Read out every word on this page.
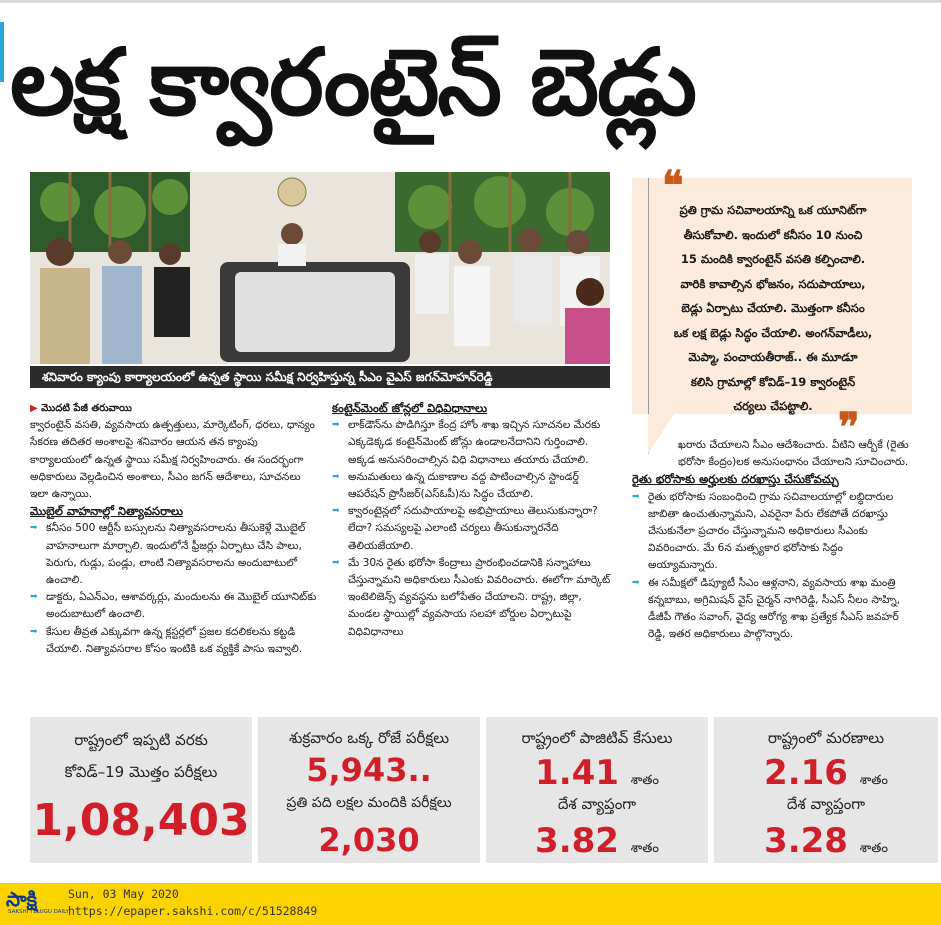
లక్ష క్వారంటైన్ బెడ్లు
శనివారం క్యాంపు కార్యాలయంలో ఉన్నత స్థాయి సమీక్ష నిర్వహిస్తున్న సీఎం వైఎస్ జగన్‌మోహన్‌రెడ్డి
❝
❞
ప్రతి గ్రామ సచివాలయాన్ని ఒక యూనిట్‌గా
తీసుకోవాలి. ఇందులో కనీసం 10 నుంచి
15 మందికి క్వారంటైన్ వసతి కల్పించాలి.
వారికి కావాల్సిన భోజనం, సదుపాయాలు,
బెడ్లు ఏర్పాటు చేయాలి. మొత్తంగా కనీసం
ఒక లక్ష బెడ్లు సిద్ధం చేయాలి. అంగన్‌వాడీలు,
మెప్మా, పంచాయతీరాజ్.. ఈ మూడూ
కలిసి గ్రామాల్లో కోవిడ్–19 క్వారంటైన్
చర్యలు చేపట్టాలి.

▶ మొదటి పేజీ తరువాయి

క్వారంటైన్ వసతి, వ్యవసాయ ఉత్పత్తులు, మార్కెటింగ్, ధరలు, ధాన్యం సేకరణ తదితర అంశాలపై శనివారం ఆయన తన క్యాంపు కార్యాలయంలో ఉన్నత స్థాయి సమీక్ష నిర్వహించారు. ఈ సందర్భంగా అధికారులు వెల్లడించిన అంశాలు, సీఎం జగన్ ఆదేశాలు, సూచనలు ఇలా ఉన్నాయి.

మొబైల్ వాహనాల్లో నిత్యావసరాలు

➡ కనీసం 500 ఆర్టీసీ బస్సులను నిత్యావసరాలను తీసుకెళ్లే మొబైల్ వాహనాలుగా మార్చాలి. ఇందులోనే ఫ్రీజర్లు ఏర్పాటు చేసి పాలు, పెరుగు, గుడ్లు, పండ్లు, లాంటి నిత్యావసరాలను అందుబాటులో ఉంచాలి.

➡ డాక్టరు, ఏఎన్‌ఎం, ఆశావర్కర్లు, మందులను ఈ మొబైల్ యూనిట్‌కు అందుబాటులో ఉంచాలి.

➡ కేసుల తీవ్రత ఎక్కువగా ఉన్న క్లస్టర్లలో ప్రజల కదలికలను కట్టడి చేయాలి. నిత్యావసరాల కోసం ఇంటికి ఒక వ్యక్తికే పాసు ఇవ్వాలి.

కంటైన్‌మెంట్ జోన్లలో విధివిధానాలు

➡ లాక్‌డౌన్‌ను పొడిగిస్తూ కేంద్ర హోం శాఖ ఇచ్చిన సూచనల మేరకు ఎక్కడెక్కడ కంటైన్‌మెంట్ జోన్లు ఉండాలనేదానిని గుర్తించాలి. అక్కడ అనుసరించాల్సిన విధి విధానాలు తయారు చేయాలి.

➡ అనుమతులు ఉన్న దుకాణాల వద్ద పాటించాల్సిన స్టాండర్డ్ ఆపరేషన్ ప్రొసీజర్(ఎస్‌ఓపీ)ను సిద్ధం చేయాలి.

➡ క్వారంటైన్లలో సదుపాయాలపై అభిప్రాయాలు తెలుసుకున్నారా? లేదా? సమస్యలపై ఎలాంటి చర్యలు తీసుకున్నారనేది తెలియజేయాలి.

➡ మే 30న రైతు భరోసా కేంద్రాలు ప్రారంభించడానికి సన్నాహాలు చేస్తున్నామని అధికారులు సీఎంకు వివరించారు. ఈలోగా మార్కెట్ ఇంటెలిజెన్స్ వ్యవస్థను బలోపేతం చేయాలని. రాష్ట్ర, జిల్లా, మండల స్థాయిల్లో వ్యవసాయ సలహా బోర్డుల ఏర్పాటుపై విధివిధానాలు

ఖరారు చేయాలని సీఎం ఆదేశించారు. వీటిని ఆర్బీకే (రైతు భరోసా కేంద్రం)లక అనుసంధానం చేయాలని సూచించారు.

రైతు భరోసాకు అర్హులకు దరఖాస్తు చేసుకోవచ్చు

➡ రైతు భరోసాకు సంబంధించి గ్రామ సచివాలయాల్లో లబ్ధిదారుల జాబితా ఉంచుతున్నామని, ఎవరైనా పేరు లేకపోతే దరఖాస్తు చేసుకునేలా ప్రచారం చేస్తున్నామని అధికారులు సీఎంకు వివరించారు. మే 6న మత్స్యకార భరోసాకు సిద్ధం అయ్యామన్నారు.

➡ ఈ సమీక్షలో డిప్యూటీ సీఎం ఆళ్లనాని, వ్యవసాయ శాఖ మంత్రి కన్నబాబు, అగ్రిమిషన్ వైస్ చైర్మన్ నాగిరెడ్డి, సీఎస్ నీలం సాహ్ని, డీజీపీ గౌతం సవాంగ్, వైద్య ఆరోగ్య శాఖ ప్రత్యేక సీఎస్ జవహర్ రెడ్డి, ఇతర అధికారులు పాల్గొన్నారు.

రాష్ట్రంలో ఇప్పటి వరకు
కోవిడ్–19 మొత్తం పరీక్షలు
1,08,403
శుక్రవారం ఒక్క రోజే పరీక్షలు
5,943..
ప్రతి పది లక్షల మందికి పరీక్షలు
2,030
రాష్ట్రంలో పాజిటివ్ కేసులు
1.41 శాతం
దేశ వ్యాప్తంగా
3.82 శాతం
రాష్ట్రంలో మరణాలు
2.16 శాతం
దేశ వ్యాప్తంగా
3.28 శాతం
సాక్షి
SAKSHI TELUGU DAILY
Sun, 03 May 2020
https://epaper.sakshi.com/c/51528849
